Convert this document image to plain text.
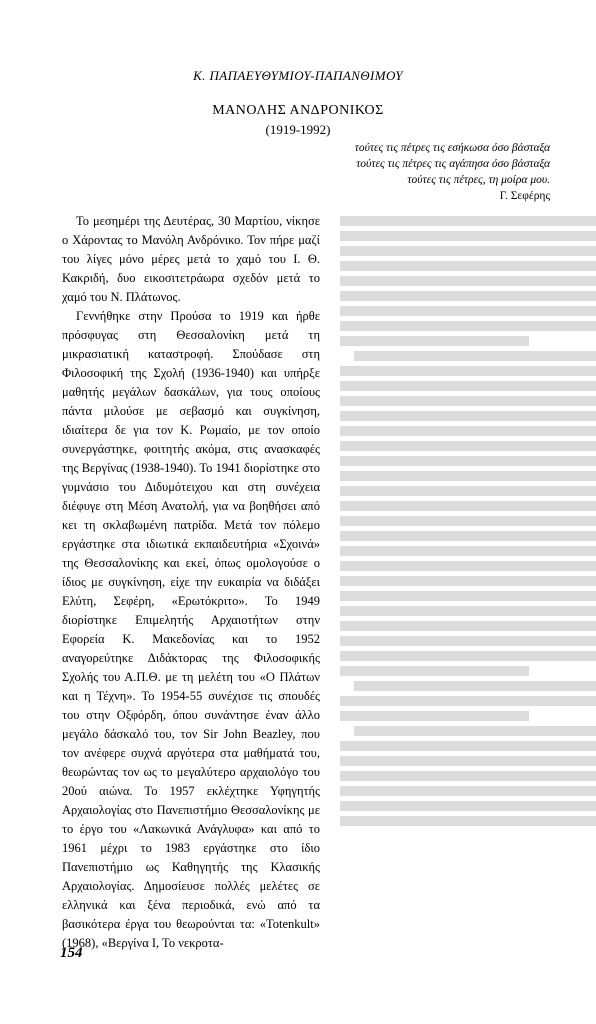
Κ. ΠΑΠΑΕΥΘΥΜΙΟΥ-ΠΑΠΑΝΘΙΜΟΥ
ΜΑΝΟΛΗΣ ΑΝΔΡΟΝΙΚΟΣ
(1919-1992)
τούτες τις πέτρες τις εσήκωσα όσο βάσταξα
τούτες τις πέτρες τις αγάπησα όσο βάσταξα
τούτες τις πέτρες, τη μοίρα μου.
Γ. Σεφέρης

Το μεσημέρι της Δευτέρας, 30 Μαρτίου, νίκησε ο Χάροντας το Μανόλη Ανδρόνικο. Τον πήρε μαζί του λίγες μόνο μέρες μετά το χαμό του Ι. Θ. Κακριδή, δυο εικοσιτετράωρα σχεδόν μετά το χαμό του Ν. Πλάτωνος.

Γεννήθηκε στην Προύσα το 1919 και ήρθε πρόσφυγας στη Θεσσαλονίκη μετά τη μικρασιατική καταστροφή. Σπούδασε στη Φιλοσοφική της Σχολή (1936-1940) και υπήρξε μαθητής μεγάλων δασκάλων, για τους οποίους πάντα μιλούσε με σεβασμό και συγκίνηση, ιδιαίτερα δε για τον Κ. Ρωμαίο, με τον οποίο συνεργάστηκε, φοιτητής ακόμα, στις ανασκαφές της Βεργίνας (1938-1940). Το 1941 διορίστηκε στο γυμνάσιο του Διδυμότειχου και στη συνέχεια διέφυγε στη Μέση Ανατολή, για να βοηθήσει από κει τη σκλαβωμένη πατρίδα. Μετά τον πόλεμο εργάστηκε στα ιδιωτικά εκπαιδευτήρια «Σχοινά» της Θεσσαλονίκης και εκεί, όπως ομολογούσε ο ίδιος με συγκίνηση, είχε την ευκαιρία να διδάξει Ελύτη, Σεφέρη, «Ερωτόκριτο». Το 1949 διορίστηκε Επιμελητής Αρχαιοτήτων στην Εφορεία Κ. Μακεδονίας και το 1952 αναγορεύτηκε Διδάκτορας της Φιλοσοφικής Σχολής του Α.Π.Θ. με τη μελέτη του «Ο Πλάτων και η Τέχνη». Το 1954-55 συνέχισε τις σπουδές του στην Οξφόρδη, όπου συνάντησε έναν άλλο μεγάλο δάσκαλό του, τον Sir John Beazley, που τον ανέφερε συχνά αργότερα στα μαθήματά του, θεωρώντας τον ως το μεγαλύτερο αρχαιολόγο του 20ού αιώνα. Το 1957 εκλέχτηκε Υφηγητής Αρχαιολογίας στο Πανεπιστήμιο Θεσσαλονίκης με το έργο του «Λακωνικά Ανάγλυφα» και από το 1961 μέχρι το 1983 εργάστηκε στο ίδιο Πανεπιστήμιο ως Καθηγητής της Κλασικής Αρχαιολογίας. Δημοσίευσε πολλές μελέτες σε ελληνικά και ξένα περιοδικά, ενώ από τα βασικότερα έργα του θεωρούνται τα: «Totenkult» (1968), «Βεργίνα Ι, Το νεκροτα-

154
